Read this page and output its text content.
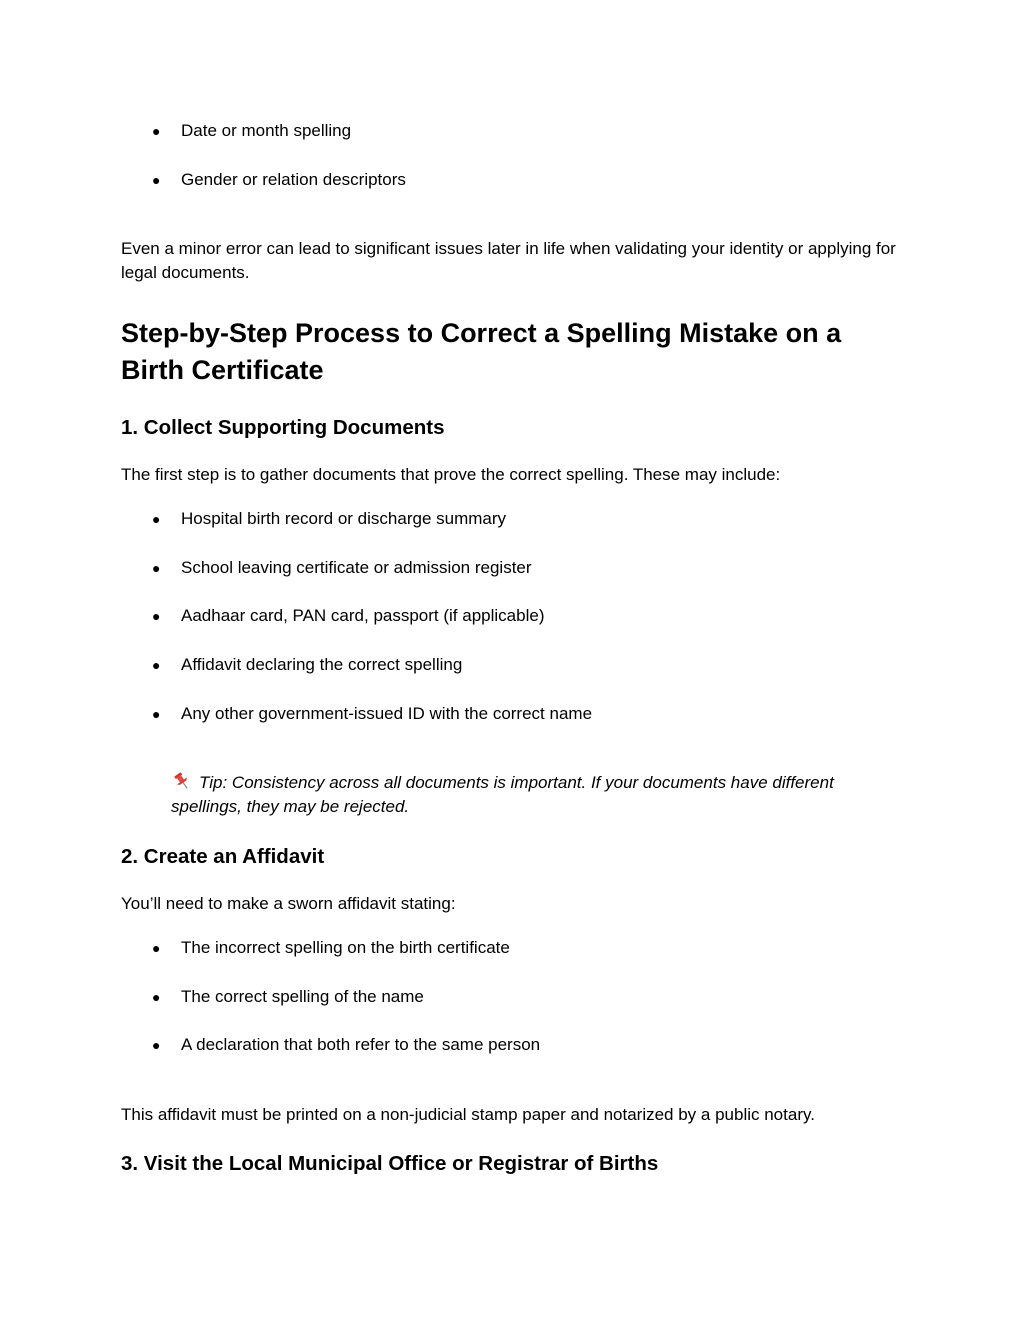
● Date or month spelling
● Gender or relation descriptors

Even a minor error can lead to significant issues later in life when validating your identity or applying for legal documents.

Step-by-Step Process to Correct a Spelling Mistake on a Birth Certificate
1. Collect Supporting Documents

The first step is to gather documents that prove the correct spelling. These may include:

● Hospital birth record or discharge summary
● School leaving certificate or admission register
● Aadhaar card, PAN card, passport (if applicable)
● Affidavit declaring the correct spelling
● Any other government-issued ID with the correct name

Tip: Consistency across all documents is important. If your documents have different spellings, they may be rejected.

2. Create an Affidavit

You’ll need to make a sworn affidavit stating:

● The incorrect spelling on the birth certificate
● The correct spelling of the name
● A declaration that both refer to the same person

This affidavit must be printed on a non-judicial stamp paper and notarized by a public notary.

3. Visit the Local Municipal Office or Registrar of Births
